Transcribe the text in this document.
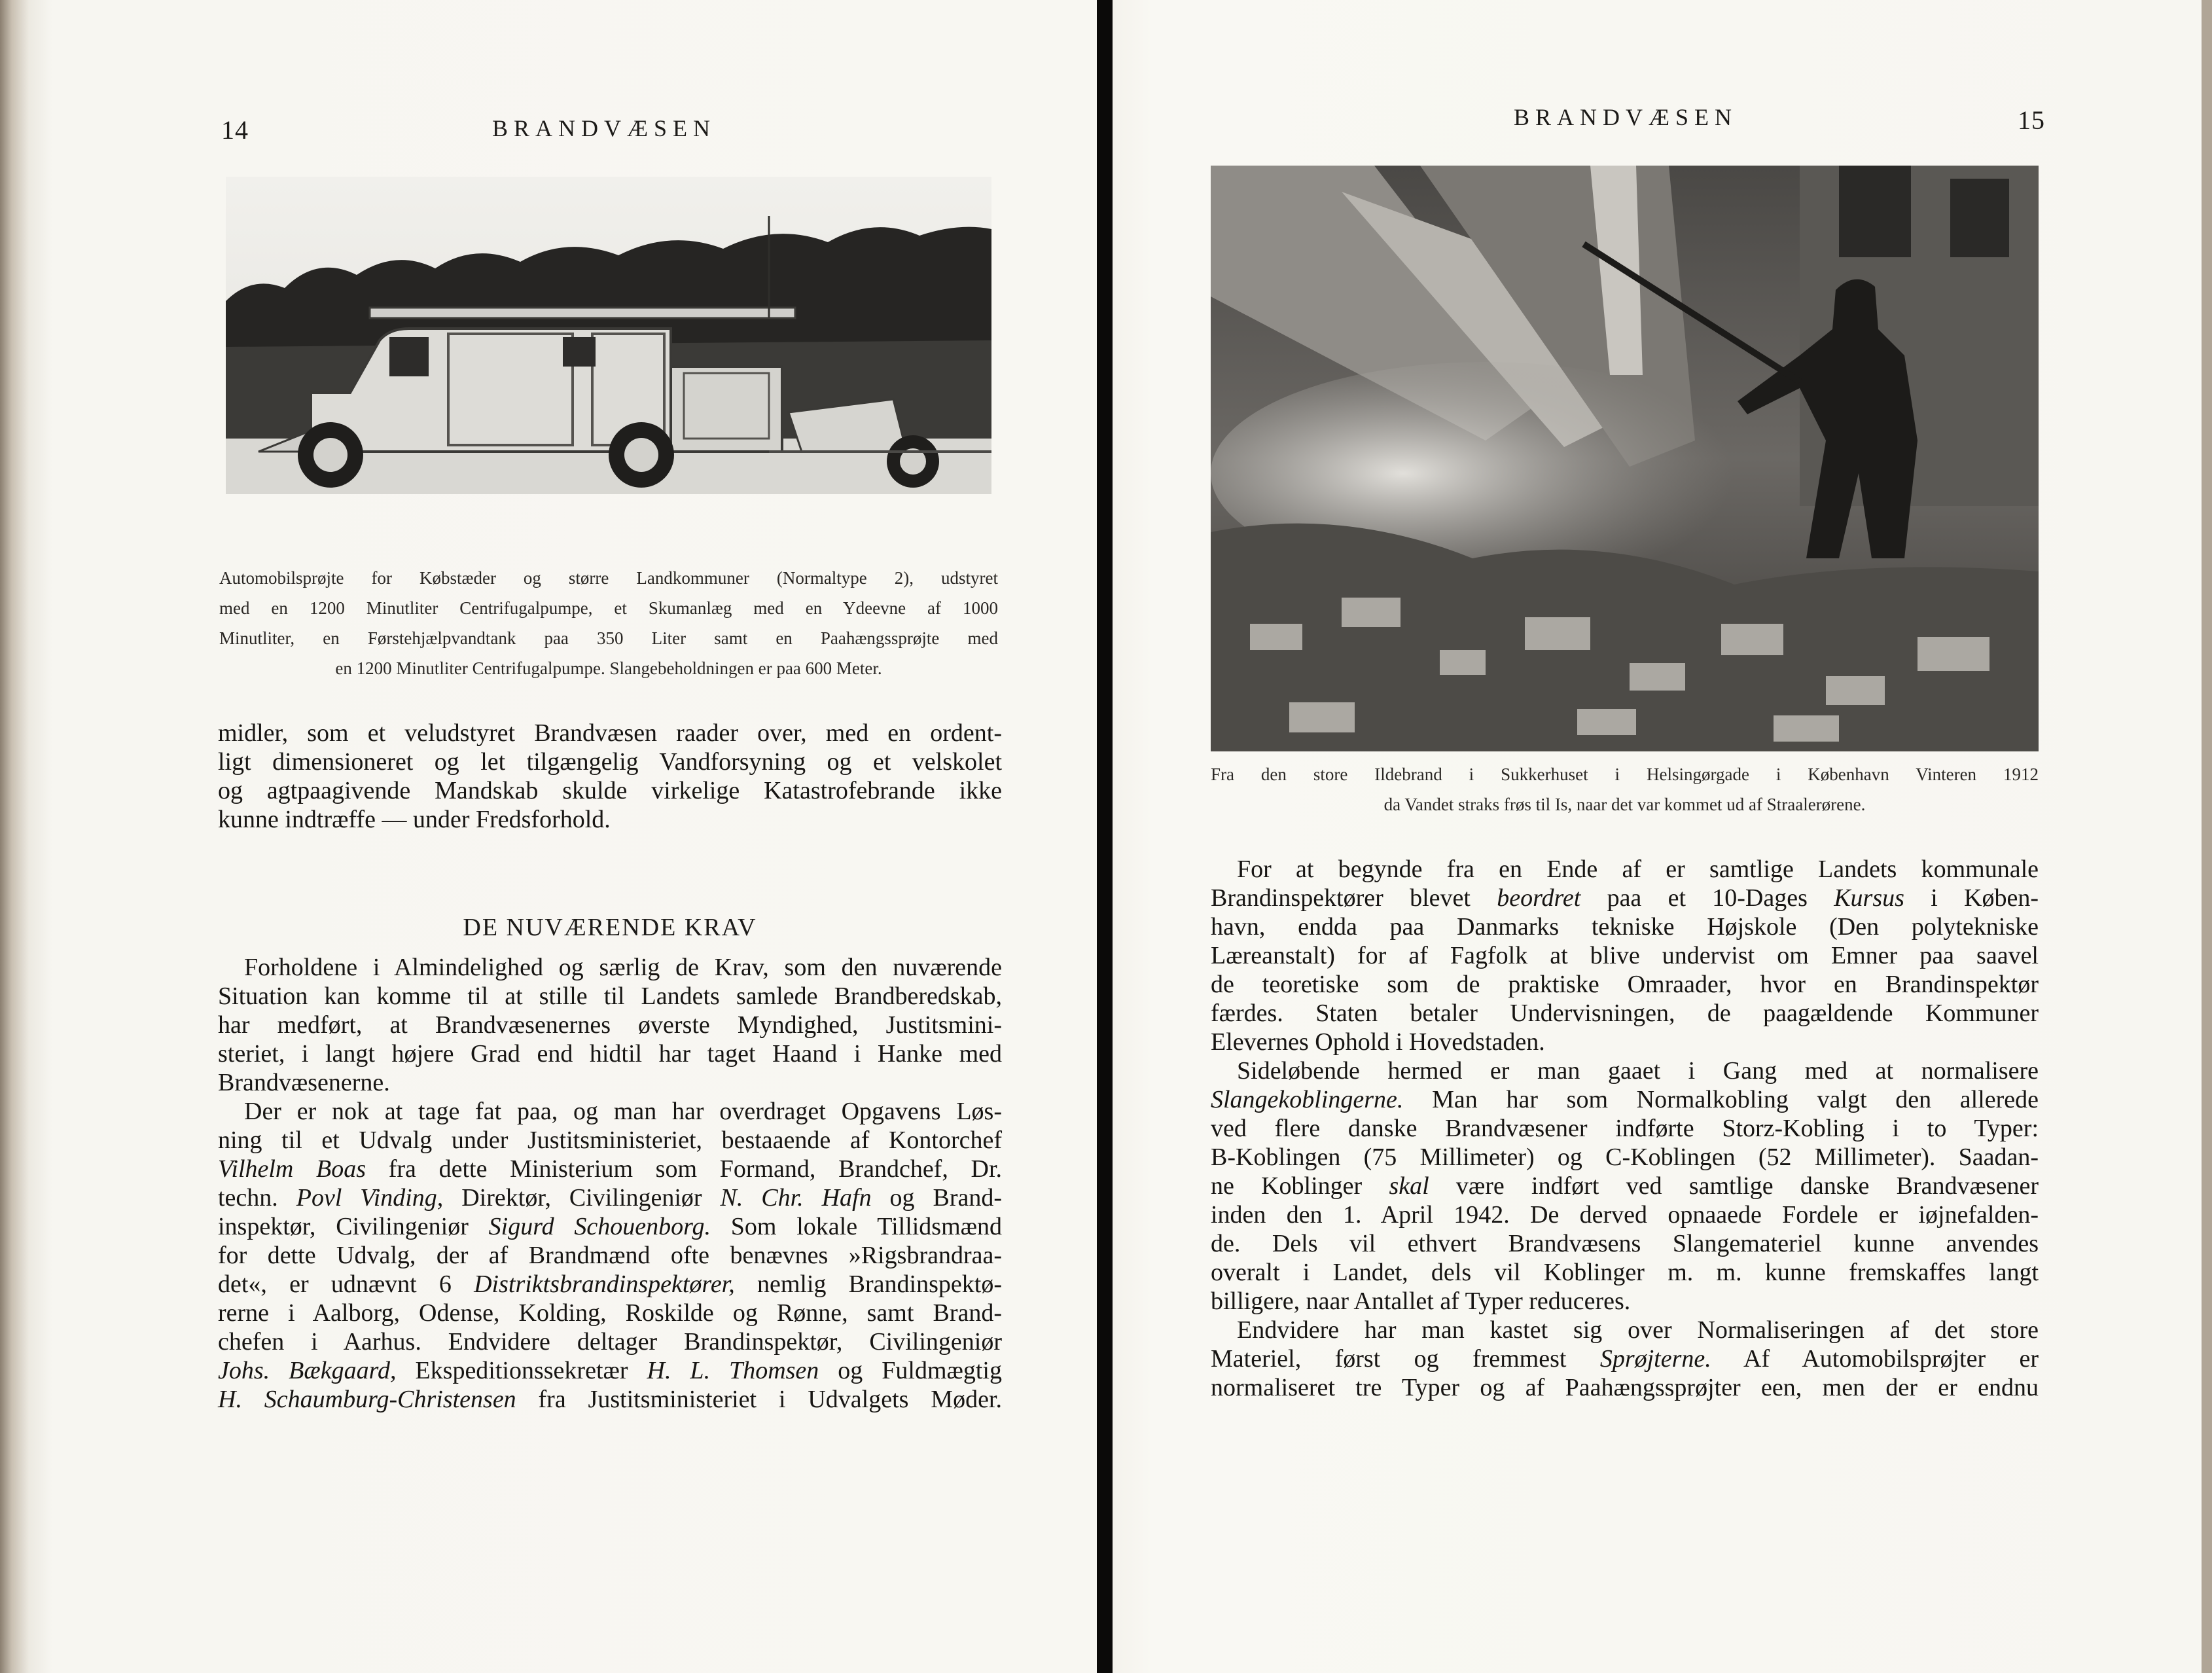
14	BRANDVÆSEN
Automobilsprøjte for Købstæder og større Landkommuner (Normaltype 2), udstyret
med en 1200 Minutliter Centrifugalpumpe, et Skumanlæg med en Ydeevne af 1000
Minutliter, en Førstehjælpvandtank paa 350 Liter samt en Paahængssprøjte med
en 1200 Minutliter Centrifugalpumpe. Slangebeholdningen er paa 600 Meter.
midler, som et veludstyret Brandvæsen raader over, med en ordent-
ligt dimensioneret og let tilgængelig Vandforsyning og et velskolet
og agtpaagivende Mandskab skulde virkelige Katastrofebrande ikke
kunne indtræffe — under Fredsforhold.
DE NUVÆRENDE KRAV
Forholdene i Almindelighed og særlig de Krav, som den nuværende
Situation kan komme til at stille til Landets samlede Brandberedskab,
har medført, at Brandvæsenernes øverste Myndighed, Justitsmini-
steriet, i langt højere Grad end hidtil har taget Haand i Hanke med
Brandvæsenerne.
Der er nok at tage fat paa, og man har overdraget Opgavens Løs-
ning til et Udvalg under Justitsministeriet, bestaaende af Kontorchef
Vilhelm Boas fra dette Ministerium som Formand, Brandchef, Dr.
techn. Povl Vinding, Direktør, Civilingeniør N. Chr. Hafn og Brand-
inspektør, Civilingeniør Sigurd Schouenborg. Som lokale Tillidsmænd
for dette Udvalg, der af Brandmænd ofte benævnes »Rigsbrandraa-
det«, er udnævnt 6 Distriktsbrandinspektører, nemlig Brandinspektø-
rerne i Aalborg, Odense, Kolding, Roskilde og Rønne, samt Brand-
chefen i Aarhus. Endvidere deltager Brandinspektør, Civilingeniør
Johs. Bækgaard, Ekspeditionssekretær H. L. Thomsen og Fuldmægtig
H. Schaumburg-Christensen fra Justitsministeriet i Udvalgets Møder.
BRANDVÆSEN	15
Fra den store Ildebrand i Sukkerhuset i Helsingørgade i København Vinteren 1912
da Vandet straks frøs til Is, naar det var kommet ud af Straalerørene.
For at begynde fra en Ende af er samtlige Landets kommunale
Brandinspektører blevet beordret paa et 10-Dages Kursus i Køben-
havn, endda paa Danmarks tekniske Højskole (Den polytekniske
Læreanstalt) for af Fagfolk at blive undervist om Emner paa saavel
de teoretiske som de praktiske Omraader, hvor en Brandinspektør
færdes. Staten betaler Undervisningen, de paagældende Kommuner
Elevernes Ophold i Hovedstaden.
Sideløbende hermed er man gaaet i Gang med at normalisere
Slangekoblingerne. Man har som Normalkobling valgt den allerede
ved flere danske Brandvæsener indførte Storz-Kobling i to Typer:
B-Koblingen (75 Millimeter) og C-Koblingen (52 Millimeter). Saadan-
ne Koblinger skal være indført ved samtlige danske Brandvæsener
inden den 1. April 1942. De derved opnaaede Fordele er iøjnefalden-
de. Dels vil ethvert Brandvæsens Slangemateriel kunne anvendes
overalt i Landet, dels vil Koblinger m. m. kunne fremskaffes langt
billigere, naar Antallet af Typer reduceres.
Endvidere har man kastet sig over Normaliseringen af det store
Materiel, først og fremmest Sprøjterne. Af Automobilsprøjter er
normaliseret tre Typer og af Paahængssprøjter een, men der er endnu
